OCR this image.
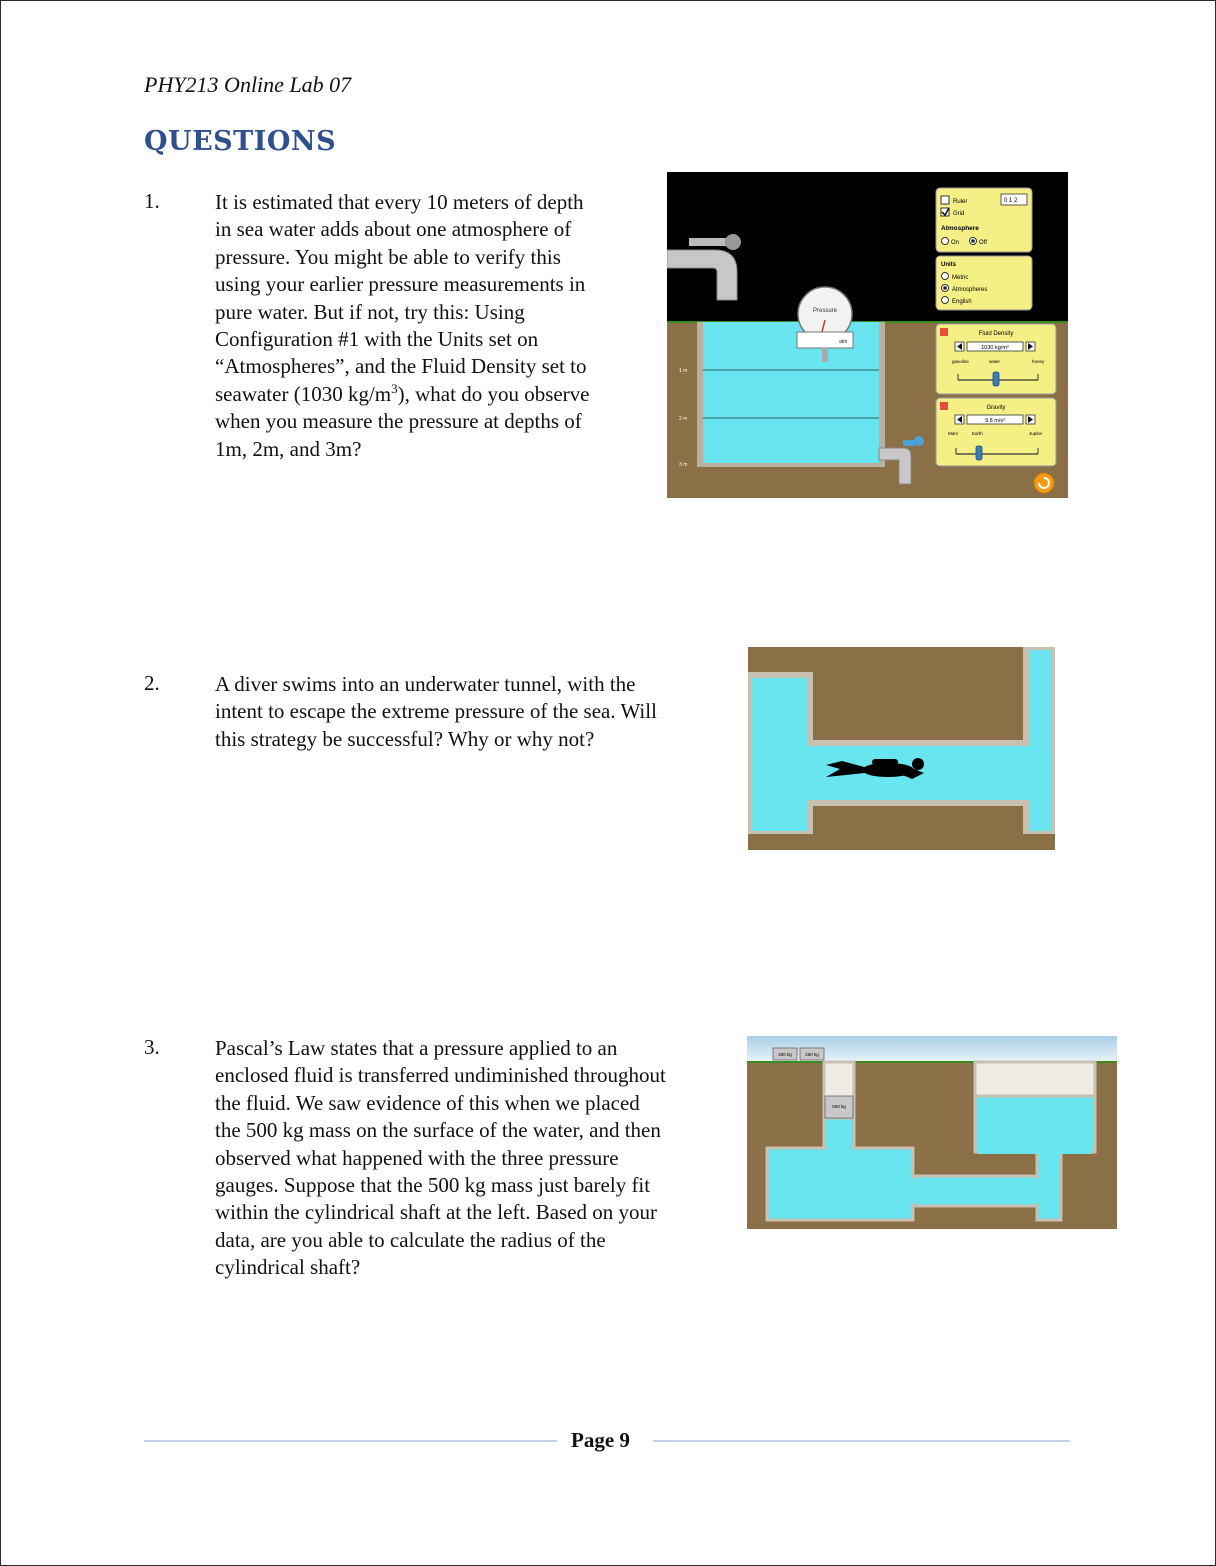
PHY213 Online Lab 07
QUESTIONS
1.	It is estimated that every 10 meters of depth
in sea water adds about one atmosphere of
pressure. You might be able to verify this
using your earlier pressure measurements in
pure water. But if not, try this: Using
Configuration #1 with the Units set on
“Atmospheres”, and the Fluid Density set to
seawater (1030 $kg/m^3$), what do you observe
when you measure the pressure at depths of
1m, 2m, and 3m?
1 m
2 m
3 m
Pressure
atm
Ruler	0 1 2
Grid
Atmosphere
On	Off
Units
Metric
Atmospheres
English
Fluid Density
1030 kg/m³
gasoline	water	honey
Gravity
9.8 m/s²
Mars	Earth	Jupiter
2.	A diver swims into an underwater tunnel, with the
intent to escape the extreme pressure of the sea. Will
this strategy be successful? Why or why not?
3.	Pascal’s Law states that a pressure applied to an
enclosed fluid is transferred undiminished throughout
the fluid. We saw evidence of this when we placed
the 500 kg mass on the surface of the water, and then
observed what happened with the three pressure
gauges. Suppose that the 500 kg mass just barely fit
within the cylindrical shaft at the left. Based on your
data, are you able to calculate the radius of the
cylindrical shaft?
250 kg	250 kg
500 kg
Page 9
